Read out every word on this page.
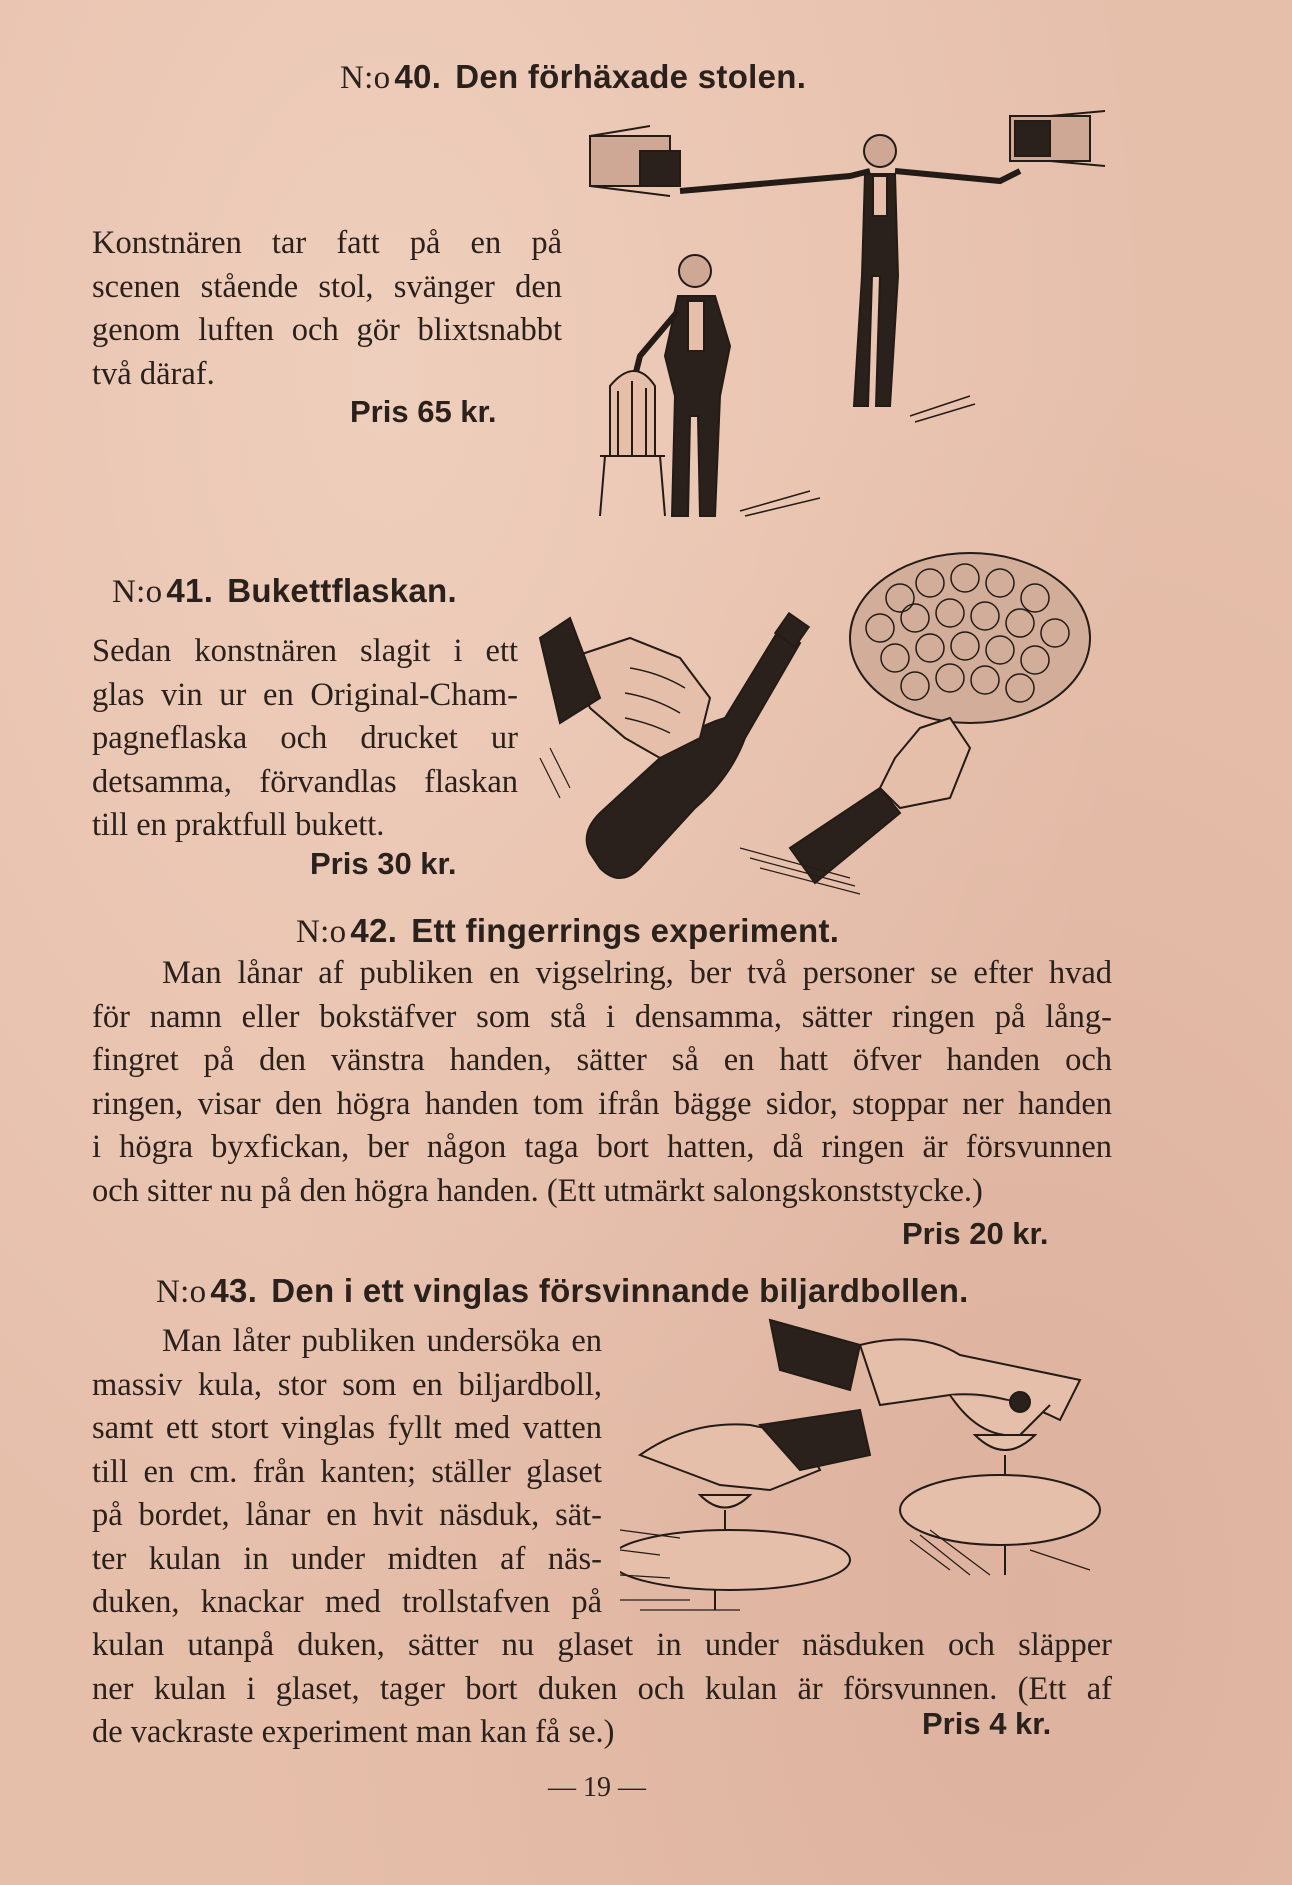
N:o 40. Den förhäxade stolen.
Konstnären tar fatt på en på
scenen stående stol, svänger den
genom luften och gör blixtsnabbt
två däraf.
Pris 65 kr.
N:o 41. Bukettflaskan.
Sedan konstnären slagit i ett
glas vin ur en Original-Cham-
pagneflaska och drucket ur
detsamma, förvandlas flaskan
till en praktfull bukett.
Pris 30 kr.
N:o 42. Ett fingerrings experiment.
Man lånar af publiken en vigselring, ber två personer se efter hvad
för namn eller bokstäfver som stå i densamma, sätter ringen på lång-
fingret på den vänstra handen, sätter så en hatt öfver handen och
ringen, visar den högra handen tom ifrån bägge sidor, stoppar ner handen
i högra byxfickan, ber någon taga bort hatten, då ringen är försvunnen
och sitter nu på den högra handen. (Ett utmärkt salongskonststycke.)
Pris 20 kr.
N:o 43. Den i ett vinglas försvinnande biljardbollen.
Man låter publiken undersöka en
massiv kula, stor som en biljardboll,
samt ett stort vinglas fyllt med vatten
till en cm. från kanten; ställer glaset
på bordet, lånar en hvit näsduk, sät-
ter kulan in under midten af näs-
duken, knackar med trollstafven på
kulan utanpå duken, sätter nu glaset in under näsduken och släpper
ner kulan i glaset, tager bort duken och kulan är försvunnen. (Ett af
de vackraste experiment man kan få se.)	Pris 4 kr.
— 19 —
